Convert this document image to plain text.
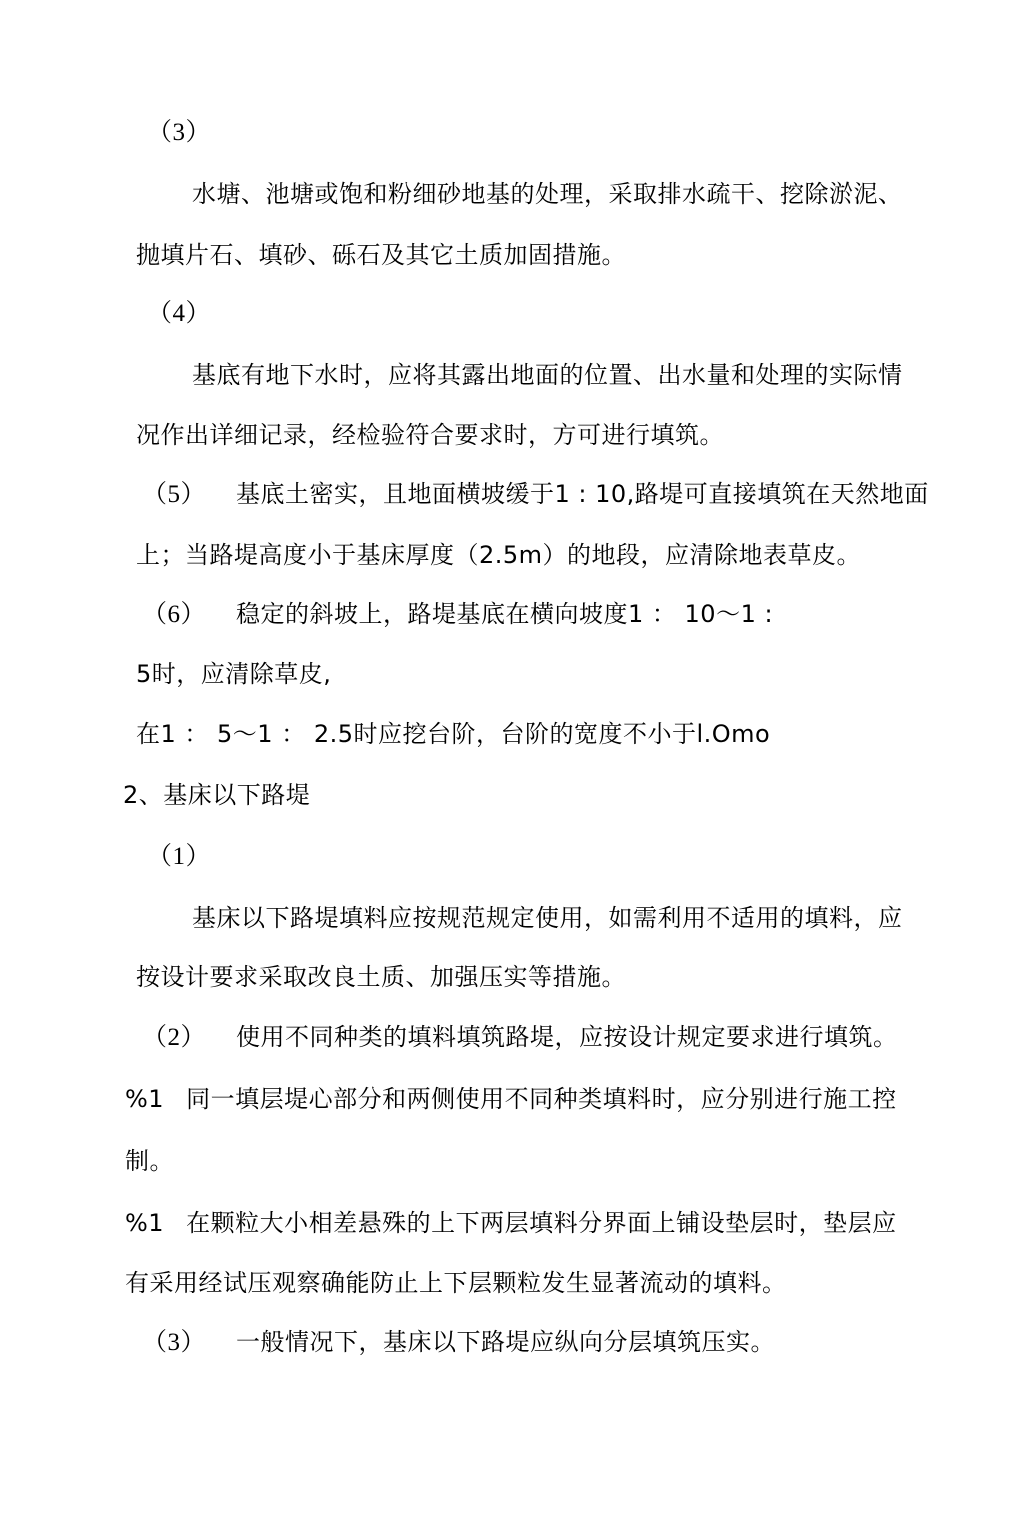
（3）
水塘、池塘或饱和粉细砂地基的处理，采取排水疏干、挖除淤泥、
抛填片石、填砂、砾石及其它土质加固措施。
（4）
基底有地下水时，应将其露出地面的位置、出水量和处理的实际情
况作出详细记录，经检验符合要求时，方可进行填筑。
（5） 基底土密实，且地面横坡缓于1 : 10,路堤可直接填筑在天然地面
上；当路堤高度小于基床厚度（2.5m）的地段，应清除地表草皮。
（6） 稳定的斜坡上，路堤基底在横向坡度1 ： 10～1 :
5时，应清除草皮,
在1 ： 5～1 ： 2.5时应挖台阶，台阶的宽度不小于l.Omo
2、基床以下路堤
（1）
基床以下路堤填料应按规范规定使用，如需利用不适用的填料，应
按设计要求采取改良土质、加强压实等措施。
（2） 使用不同种类的填料填筑路堤，应按设计规定要求进行填筑。
%1 同一填层堤心部分和两侧使用不同种类填料时，应分别进行施工控
制。
%1 在颗粒大小相差悬殊的上下两层填料分界面上铺设垫层时，垫层应
有采用经试压观察确能防止上下层颗粒发生显著流动的填料。
（3） 一般情况下，基床以下路堤应纵向分层填筑压实。
